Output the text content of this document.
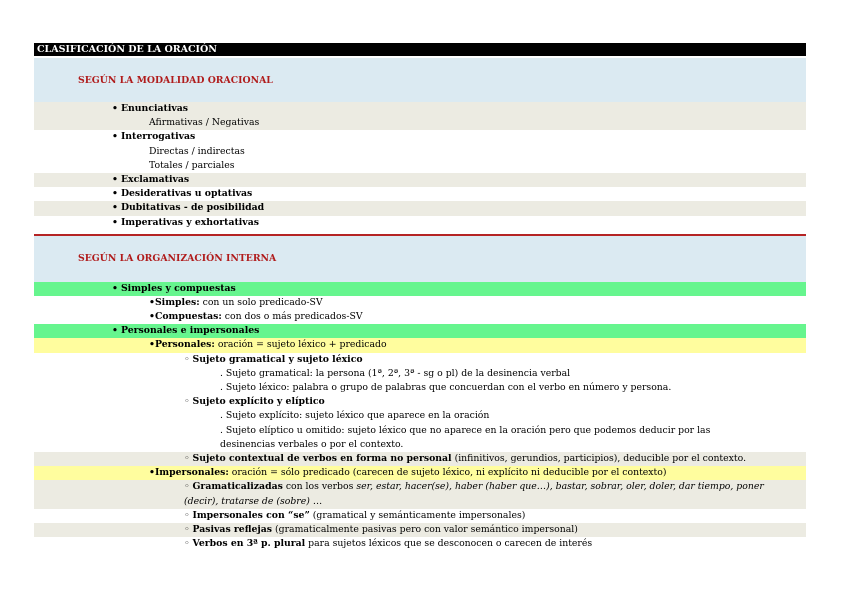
CLASIFICACIÓN DE LA ORACIÓN
SEGÚN LA MODALIDAD ORACIONAL
• Enunciativas
Afirmativas / Negativas
• Interrogativas
Directas / indirectas
Totales / parciales
• Exclamativas
• Desiderativas u optativas
• Dubitativas - de posibilidad
• Imperativas y exhortativas
SEGÚN LA ORGANIZACIÓN INTERNA
• Simples y compuestas
•Simples: con un solo predicado-SV
•Compuestas: con dos o más predicados-SV
• Personales e impersonales
•Personales: oración = sujeto léxico + predicado
◦ Sujeto gramatical y sujeto léxico
. Sujeto gramatical: la persona (1ª, 2ª, 3ª - sg o pl) de la desinencia verbal
. Sujeto léxico: palabra o grupo de palabras que concuerdan con el verbo en número y persona.
◦ Sujeto explícito y elíptico
. Sujeto explícito: sujeto léxico que aparece en la oración
. Sujeto elíptico u omitido: sujeto léxico que no aparece en la oración pero que podemos deducir por las
desinencias verbales o por el contexto.
◦ Sujeto contextual de verbos en forma no personal (infinitivos, gerundios, participios), deducible por el contexto.
•Impersonales: oración = sólo predicado (carecen de sujeto léxico, ni explícito ni deducible por el contexto)
◦ Gramaticalizadas con los verbos ser, estar, hacer(se), haber (haber que…), bastar, sobrar, oler, doler, dar tiempo, poner
(decir), tratarse de (sobre) …
◦ Impersonales con “se” (gramatical y semánticamente impersonales)
◦ Pasivas reflejas (gramaticalmente pasivas pero con valor semántico impersonal)
◦ Verbos en 3ª p. plural para sujetos léxicos que se desconocen o carecen de interés
